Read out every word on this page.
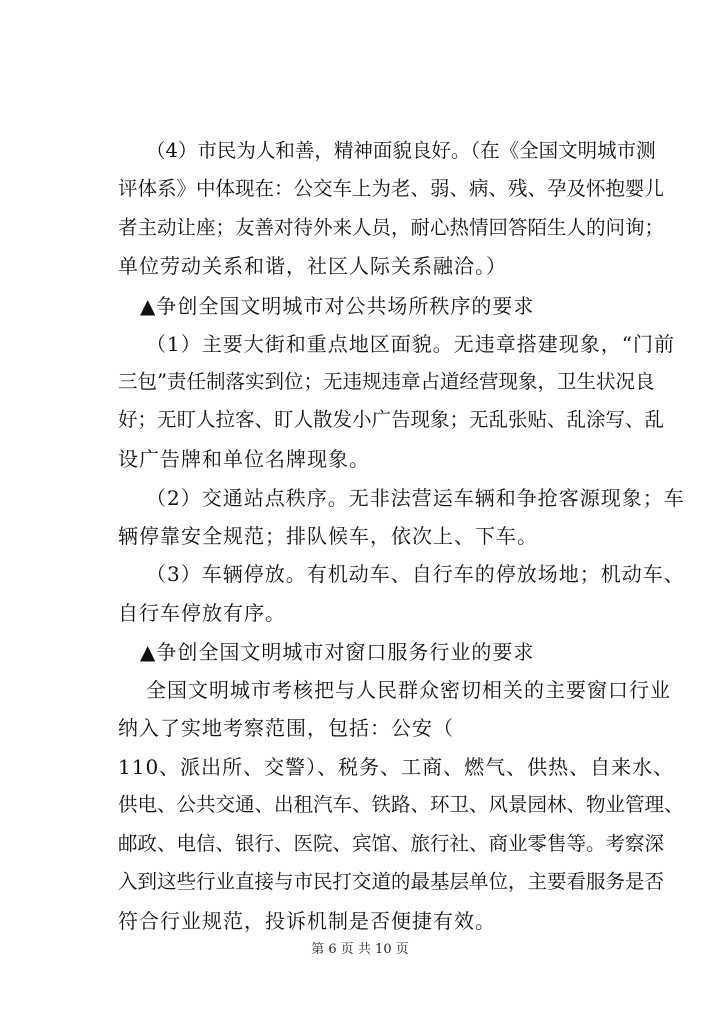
（4）市民为人和善，精神面貌良好。（在《全国文明城市测
评体系》中体现在：公交车上为老、弱、病、残、孕及怀抱婴儿
者主动让座；友善对待外来人员，耐心热情回答陌生人的问询；
单位劳动关系和谐，社区人际关系融洽。）
▲争创全国文明城市对公共场所秩序的要求
（1）主要大街和重点地区面貌。无违章搭建现象，“门前
三包”责任制落实到位；无违规违章占道经营现象，卫生状况良
好；无盯人拉客、盯人散发小广告现象；无乱张贴、乱涂写、乱
设广告牌和单位名牌现象。
（2）交通站点秩序。无非法营运车辆和争抢客源现象；车
辆停靠安全规范；排队候车，依次上、下车。
（3）车辆停放。有机动车、自行车的停放场地；机动车、
自行车停放有序。
▲争创全国文明城市对窗口服务行业的要求
全国文明城市考核把与人民群众密切相关的主要窗口行业
纳入了实地考察范围，包括：公安（
110、派出所、交警）、税务、工商、燃气、供热、自来水、
供电、公共交通、出租汽车、铁路、环卫、风景园林、物业管理、
邮政、电信、银行、医院、宾馆、旅行社、商业零售等。考察深
入到这些行业直接与市民打交道的最基层单位，主要看服务是否
符合行业规范，投诉机制是否便捷有效。
第 6 页 共 10 页
